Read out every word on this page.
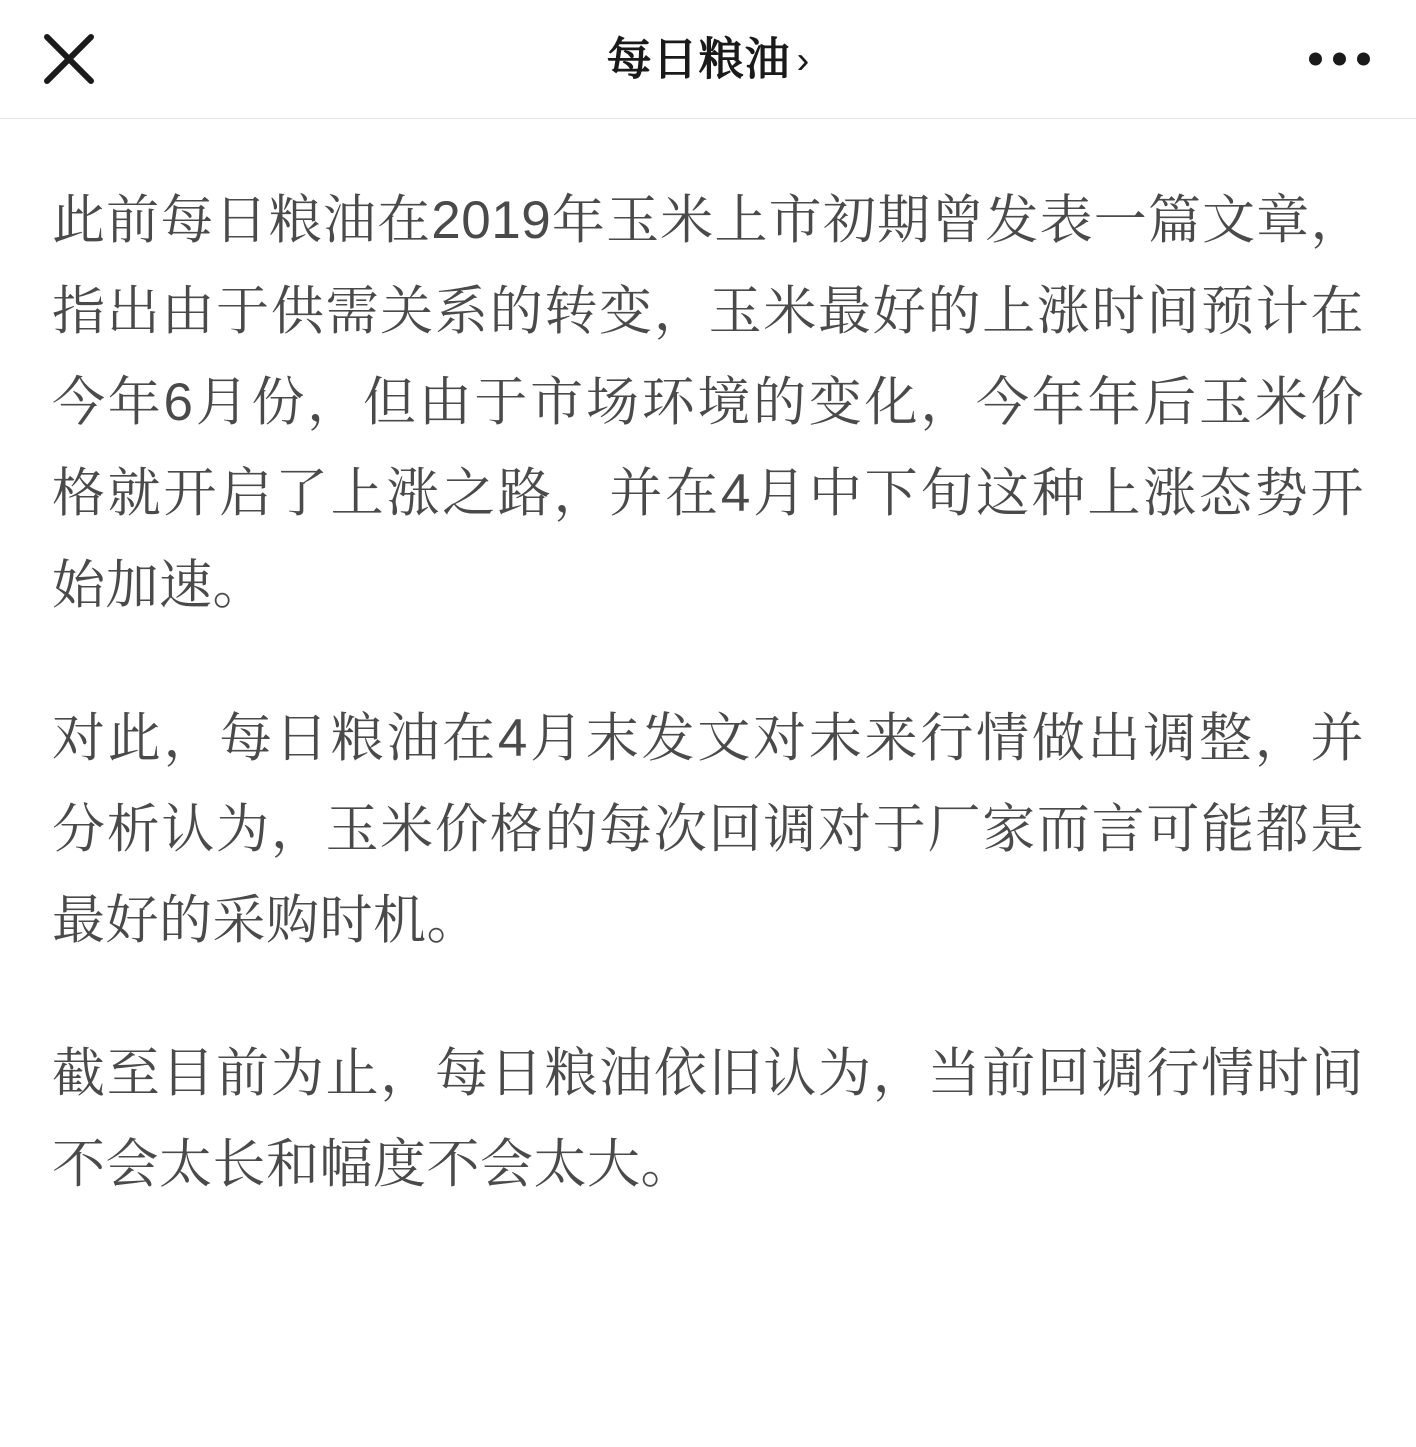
每日粮油 ›

此前每日粮油在2019年玉米上市初期曾发表一篇文章，指出由于供需关系的转变，玉米最好的上涨时间预计在今年6月份，但由于市场环境的变化，今年年后玉米价格就开启了上涨之路，并在4月中下旬这种上涨态势开始加速。

对此，每日粮油在4月末发文对未来行情做出调整，并分析认为，玉米价格的每次回调对于厂家而言可能都是最好的采购时机。

截至目前为止，每日粮油依旧认为，当前回调行情时间不会太长和幅度不会太大。
